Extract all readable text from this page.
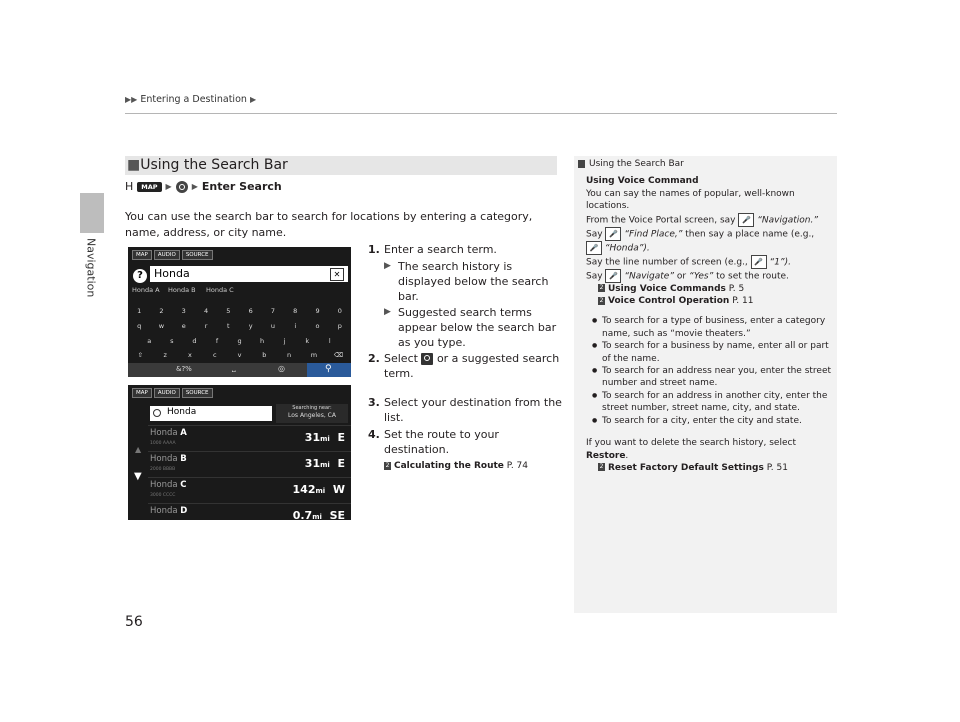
Navigation
▶▶ Entering a Destination ▶
■Using the Search Bar
H	MAP	▶	▶ Enter Search
You can use the search bar to search for locations by entering a category, name, address, or city name.
MAP	AUDIO	SOURCE
?	Honda	✕
Honda A Honda B Honda C
1	2	3	4	5	6	7	8	9	0
q	w	e	r	t	y	u	i	o	p
a	s	d	f	g	h	j	k	l
⇧	z	x	c	v	b	n	m	⌫
&?%	⎵	◎	⚲
MAP	AUDIO	SOURCE
Honda	Searching near:
Los Angeles, CA
▲
▼
Honda A
1000 AAAA	31mi E
Honda B
2000 BBBB	31mi E
Honda C
3000 CCCC	142mi W
Honda D	0.7mi SE
1. Enter a search term.
▶ The search history is displayed below the search bar.
▶ Suggested search terms appear below the search bar as you type.
2. Select or a suggested search term.
3. Select your destination from the list.
4. Set the route to your destination.
2 Calculating the Route P. 74
Using the Search Bar

Using Voice Command

You can say the names of popular, well-known locations.

From the Voice Portal screen, say 🎤 “Navigation.”

Say 🎤 “Find Place,” then say a place name (e.g.,

🎤 “Honda”).

Say the line number of screen (e.g., 🎤 “1”).

Say 🎤 “Navigate” or “Yes” to set the route.

2 Using Voice Commands P. 5

2 Voice Control Operation P. 11

● To search for a type of business, enter a category name, such as “movie theaters.”
● To search for a business by name, enter all or part of the name.
● To search for an address near you, enter the street number and street name.
● To search for an address in another city, enter the street number, street name, city, and state.
● To search for a city, enter the city and state.

If you want to delete the search history, select

Restore.

2 Reset Factory Default Settings P. 51

56
